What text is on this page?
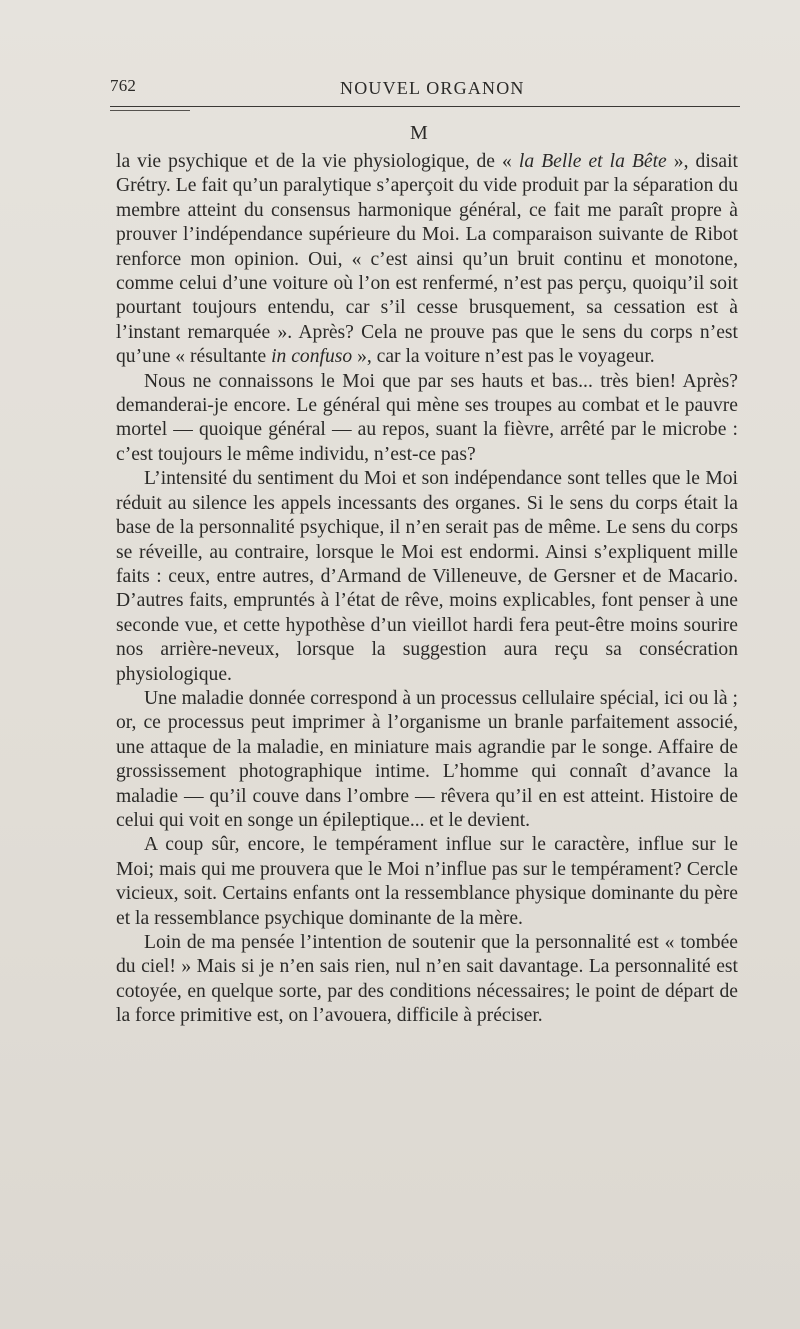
762	NOUVEL ORGANON
M

la vie psychique et de la vie physiologique, de « la Belle et la Bête », disait Grétry. Le fait qu’un paralytique s’aperçoit du vide produit par la séparation du membre atteint du consensus harmonique général, ce fait me paraît propre à prouver l’indépendance supérieure du Moi. La comparaison suivante de Ribot renforce mon opinion. Oui, « c’est ainsi qu’un bruit continu et monotone, comme celui d’une voiture où l’on est renfermé, n’est pas perçu, quoiqu’il soit pourtant toujours entendu, car s’il cesse brusquement, sa cessation est à l’instant remarquée ». Après? Cela ne prouve pas que le sens du corps n’est qu’une « résultante in confuso », car la voiture n’est pas le voyageur.

Nous ne connaissons le Moi que par ses hauts et bas... très bien! Après? demanderai-je encore. Le général qui mène ses troupes au combat et le pauvre mortel — quoique général — au repos, suant la fièvre, arrêté par le microbe : c’est toujours le même individu, n’est-ce pas?

L’intensité du sentiment du Moi et son indépendance sont telles que le Moi réduit au silence les appels incessants des organes. Si le sens du corps était la base de la personnalité psychique, il n’en serait pas de même. Le sens du corps se réveille, au contraire, lorsque le Moi est endormi. Ainsi s’expliquent mille faits : ceux, entre autres, d’Armand de Villeneuve, de Gersner et de Macario. D’autres faits, empruntés à l’état de rêve, moins explicables, font penser à une seconde vue, et cette hypothèse d’un vieillot hardi fera peut-être moins sourire nos arrière-neveux, lorsque la suggestion aura reçu sa consécration physiologique.

Une maladie donnée correspond à un processus cellulaire spécial, ici ou là ; or, ce processus peut imprimer à l’organisme un branle parfaitement associé, une attaque de la maladie, en miniature mais agrandie par le songe. Affaire de grossissement photographique intime. L’homme qui connaît d’avance la maladie — qu’il couve dans l’ombre — rêvera qu’il en est atteint. Histoire de celui qui voit en songe un épileptique... et le devient.

A coup sûr, encore, le tempérament influe sur le caractère, influe sur le Moi; mais qui me prouvera que le Moi n’influe pas sur le tempérament? Cercle vicieux, soit. Certains enfants ont la ressemblance physique dominante du père et la ressemblance psychique dominante de la mère.

Loin de ma pensée l’intention de soutenir que la personnalité est « tombée du ciel! » Mais si je n’en sais rien, nul n’en sait davantage. La personnalité est cotoyée, en quelque sorte, par des conditions nécessaires; le point de départ de la force primitive est, on l’avouera, difficile à préciser.
